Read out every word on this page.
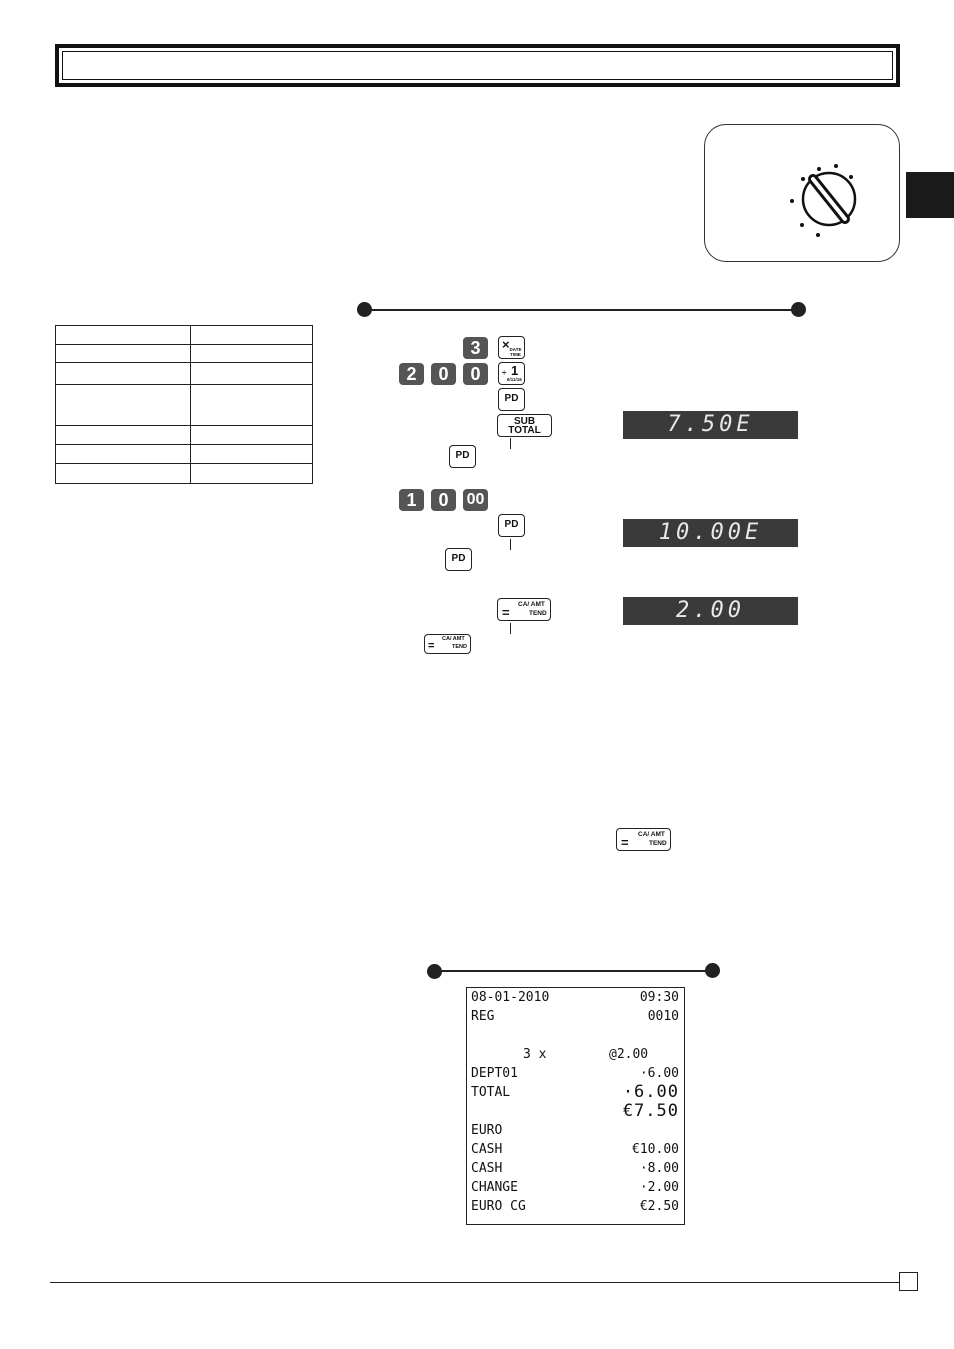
3	× DATE TIME
2	0	0	÷ 1
6/11/16
PD
SUB
TOTAL	7.50E
PD
1	0	00
PD	10.00E
PD
=
CA/ AMT
TEND	2.00
=
CA/ AMT
TEND
=
CA/ AMT
TEND
08-01-2010	09:30
REG	0010
3 x	@2.00
DEPT01	·6.00
TOTAL	·6.00
€7.50
EURO
CASH	€10.00
CASH	·8.00
CHANGE	·2.00
EURO CG	€2.50
